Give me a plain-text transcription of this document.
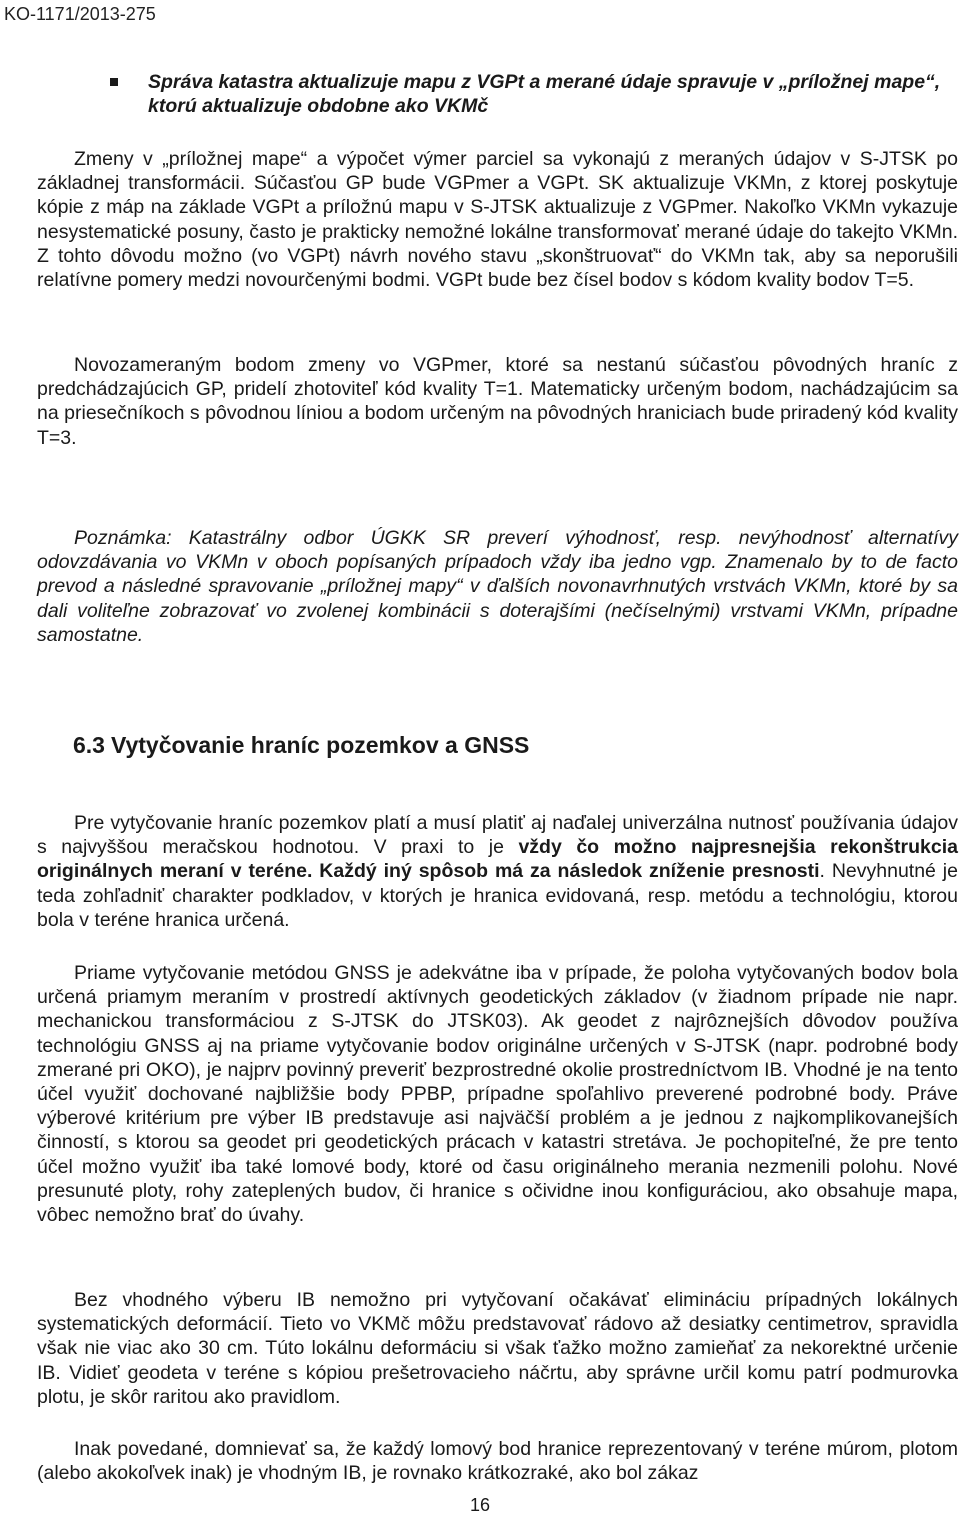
KO-1171/2013-275
Správa katastra aktualizuje mapu z VGPt a merané údaje spravuje v „príložnej mape“, ktorú aktualizuje obdobne ako VKMč

Zmeny v „príložnej mape“ a výpočet výmer parciel sa vykonajú z meraných údajov v S-JTSK po základnej transformácii. Súčasťou GP bude VGPmer a VGPt. SK aktualizuje VKMn, z ktorej poskytuje kópie z máp na základe VGPt a príložnú mapu v S-JTSK aktualizuje z VGPmer. Nakoľko VKMn vykazuje nesystematické posuny, často je prakticky nemožné lokálne transformovať merané údaje do takejto VKMn. Z tohto dôvodu možno (vo VGPt) návrh nového stavu „skonštruovať“ do VKMn tak, aby sa neporušili relatívne pomery medzi novourčenými bodmi. VGPt bude bez čísel bodov s kódom kvality bodov T=5.

Novozameraným bodom zmeny vo VGPmer, ktoré sa nestanú súčasťou pôvodných hraníc z predchádzajúcich GP, pridelí zhotoviteľ kód kvality T=1. Matematicky určeným bodom, nachádzajúcim sa na priesečníkoch s pôvodnou líniou a bodom určeným na pôvodných hraniciach bude priradený kód kvality T=3.

Poznámka: Katastrálny odbor ÚGKK SR preverí výhodnosť, resp. nevýhodnosť alternatívy odovzdávania vo VKMn v oboch popísaných prípadoch vždy iba jedno vgp. Znamenalo by to de facto prevod a následné spravovanie „príložnej mapy“ v ďalších novonavrhnutých vrstvách VKMn, ktoré by sa dali voliteľne zobrazovať vo zvolenej kombinácii s doterajšími (nečíselnými) vrstvami VKMn, prípadne samostatne.

6.3 Vytyčovanie hraníc pozemkov a GNSS

Pre vytyčovanie hraníc pozemkov platí a musí platiť aj naďalej univerzálna nutnosť používania údajov s najvyššou meračskou hodnotou. V praxi to je vždy čo možno najpresnejšia rekonštrukcia originálnych meraní v teréne. Každý iný spôsob má za následok zníženie presnosti. Nevyhnutné je teda zohľadniť charakter podkladov, v ktorých je hranica evidovaná, resp. metódu a technológiu, ktorou bola v teréne hranica určená.

Priame vytyčovanie metódou GNSS je adekvátne iba v prípade, že poloha vytyčovaných bodov bola určená priamym meraním v prostredí aktívnych geodetických základov (v žiadnom prípade nie napr. mechanickou transformáciou z S-JTSK do JTSK03). Ak geodet z najrôznejších dôvodov používa technológiu GNSS aj na priame vytyčovanie bodov originálne určených v S-JTSK (napr. podrobné body zmerané pri OKO), je najprv povinný preveriť bezprostredné okolie prostredníctvom IB. Vhodné je na tento účel využiť dochované najbližšie body PPBP, prípadne spoľahlivo preverené podrobné body. Práve výberové kritérium pre výber IB predstavuje asi najväčší problém a je jednou z najkomplikovanejších činností, s ktorou sa geodet pri geodetických prácach v katastri stretáva. Je pochopiteľné, že pre tento účel možno využiť iba také lomové body, ktoré od času originálneho merania nezmenili polohu. Nové presunuté ploty, rohy zateplených budov, či hranice s očividne inou konfiguráciou, ako obsahuje mapa, vôbec nemožno brať do úvahy.

Bez vhodného výberu IB nemožno pri vytyčovaní očakávať elimináciu prípadných lokálnych systematických deformácií. Tieto vo VKMč môžu predstavovať rádovo až desiatky centimetrov, spravidla však nie viac ako 30 cm. Túto lokálnu deformáciu si však ťažko možno zamieňať za nekorektné určenie IB. Vidieť geodeta v teréne s kópiou prešetrovacieho náčrtu, aby správne určil komu patrí podmurovka plotu, je skôr raritou ako pravidlom.

Inak povedané, domnievať sa, že každý lomový bod hranice reprezentovaný v teréne múrom, plotom (alebo akokoľvek inak) je vhodným IB, je rovnako krátkozraké, ako bol zákaz

16
